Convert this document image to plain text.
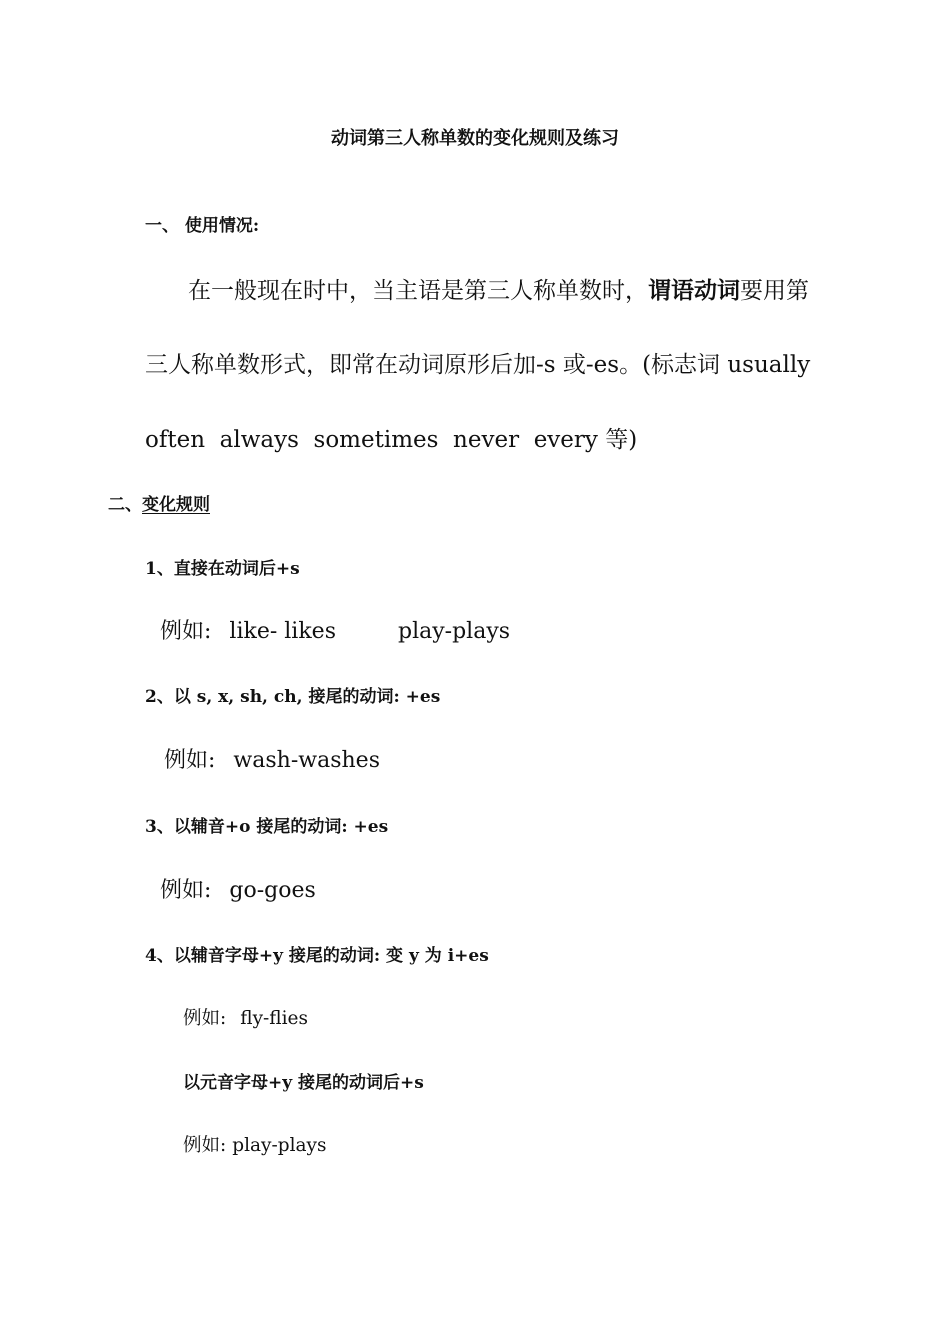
动词第三人称单数的变化规则及练习
一、 使用情况:
在一般现在时中，当主语是第三人称单数时，谓语动词要用第
三人称单数形式，即常在动词原形后加-s 或-es。(标志词 usually
often  always  sometimes  never  every 等)
二、变化规则
1、直接在动词后+s
例如: like- likes	play-plays
2、以 s, x, sh, ch, 接尾的动词: +es
例如: wash-washes
3、以辅音+o 接尾的动词: +es
例如: go-goes
4、以辅音字母+y 接尾的动词: 变 y 为 i+es
例如: fly-flies
以元音字母+y 接尾的动词后+s
例如: play-plays
